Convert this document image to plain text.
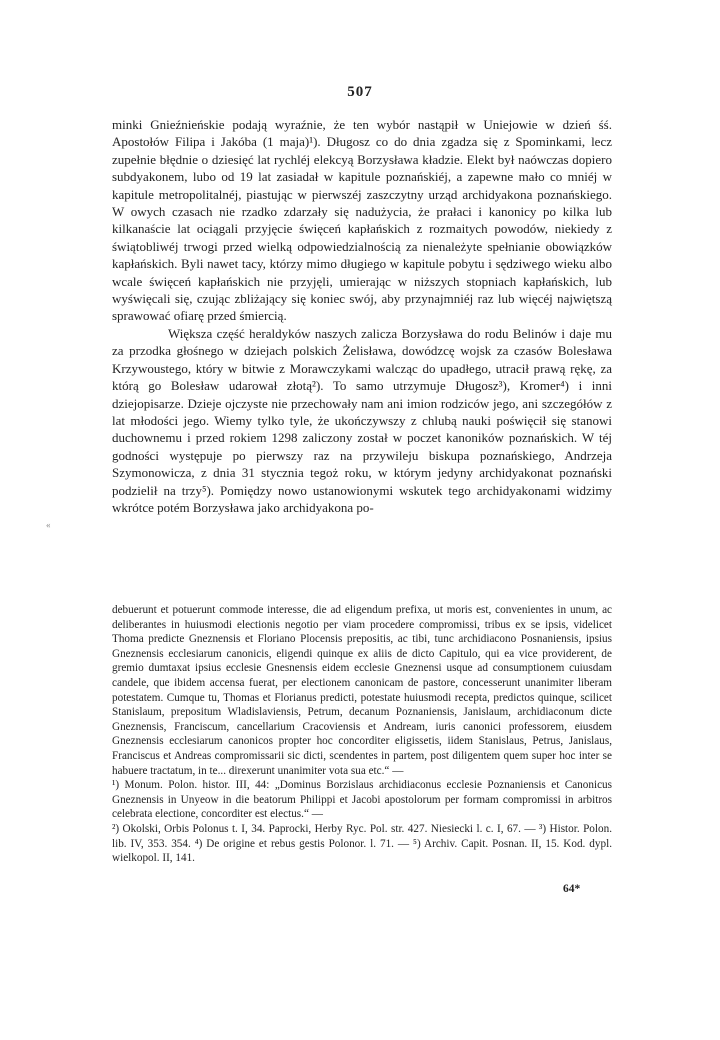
507
«

minki Gnieźnieńskie podają wyraźnie, że ten wybór nastąpił w Uniejowie w dzień śś. Apostołów Filipa i Jakóba (1 maja)¹). Długosz co do dnia zgadza się z Spominkami, lecz zupełnie błędnie o dziesięć lat rychléj elekcyą Borzysława kładzie. Elekt był naówczas dopiero subdyakonem, lubo od 19 lat zasiadał w kapitule poznańskiéj, a zapewne mało co mniéj w kapitule metropolitalnéj, piastując w pierwszéj zaszczytny urząd archidyakona poznańskiego. W owych czasach nie rzadko zdarzały się nadużycia, że prałaci i kanonicy po kilka lub kilkanaście lat ociągali przyjęcie święceń kapłańskich z rozmaitych powodów, niekiedy z świątobliwéj trwogi przed wielką odpowiedzialnością za nienależyte spełnianie obowiązków kapłańskich. Byli nawet tacy, którzy mimo długiego w kapitule pobytu i sędziwego wieku albo wcale święceń kapłańskich nie przyjęli, umierając w niższych stopniach kapłańskich, lub wyświęcali się, czując zbliżający się koniec swój, aby przynajmniéj raz lub więcéj najwiętszą sprawować ofiarę przed śmiercią.

Większa część heraldyków naszych zalicza Borzysława do rodu Belinów i daje mu za przodka głośnego w dziejach polskich Żelisława, dowódzcę wojsk za czasów Bolesława Krzywoustego, który w bitwie z Morawczykami walcząc do upadłego, utracił prawą rękę, za którą go Bolesław udarował złotą²). To samo utrzymuje Długosz³), Kromer⁴) i inni dziejopisarze. Dzieje ojczyste nie przechowały nam ani imion rodziców jego, ani szczegółów z lat młodości jego. Wiemy tylko tyle, że ukończywszy z chlubą nauki poświęcił się stanowi duchownemu i przed rokiem 1298 zaliczony został w poczet kanoników poznańskich. W téj godności występuje po pierwszy raz na przywileju biskupa poznańskiego, Andrzeja Szymonowicza, z dnia 31 stycznia tegoż roku, w którym jedyny archidyakonat poznański podzielił na trzy⁵). Pomiędzy nowo ustanowionymi wskutek tego archidyakonami widzimy wkrótce potém Borzysława jako archidyakona po-

debuerunt et potuerunt commode interesse, die ad eligendum prefixa, ut moris est, convenientes in unum, ac deliberantes in huiusmodi electionis negotio per viam procedere compromissi, tribus ex se ipsis, videlicet Thoma predicte Gneznensis et Floriano Plocensis prepositis, ac tibi, tunc archidiacono Posnaniensis, ipsius Gneznensis ecclesiarum canonicis, eligendi quinque ex aliis de dicto Capitulo, qui ea vice providerent, de gremio dumtaxat ipsius ecclesie Gnesnensis eidem ecclesie Gneznensi usque ad consumptionem cuiusdam candele, que ibidem accensa fuerat, per electionem canonicam de pastore, concesserunt unanimiter liberam potestatem. Cumque tu, Thomas et Florianus predicti, potestate huiusmodi recepta, predictos quinque, scilicet Stanislaum, prepositum Wladislaviensis, Petrum, decanum Poznaniensis, Janislaum, archidiaconum dicte Gneznensis, Franciscum, cancellarium Cracoviensis et Andream, iuris canonici professorem, eiusdem Gneznensis ecclesiarum canonicos propter hoc concorditer eligissetis, iidem Stanislaus, Petrus, Janislaus, Franciscus et Andreas compromissarii sic dicti, scendentes in partem, post diligentem quem super hoc inter se habuere tractatum, in te... direxerunt unanimiter vota sua etc.“ —

¹) Monum. Polon. histor. III, 44: „Dominus Borzislaus archidiaconus ecclesie Poznaniensis et Canonicus Gneznensis in Unyeow in die beatorum Philippi et Jacobi apostolorum per formam compromissi in arbitros celebrata electione, concorditer est electus.“ —

²) Okolski, Orbis Polonus t. I, 34. Paprocki, Herby Ryc. Pol. str. 427. Niesiecki l. c. I, 67. — ³) Histor. Polon. lib. IV, 353. 354. ⁴) De origine et rebus gestis Polonor. l. 71. — ⁵) Archiv. Capit. Posnan. II, 15. Kod. dypl. wielkopol. II, 141.

64*
